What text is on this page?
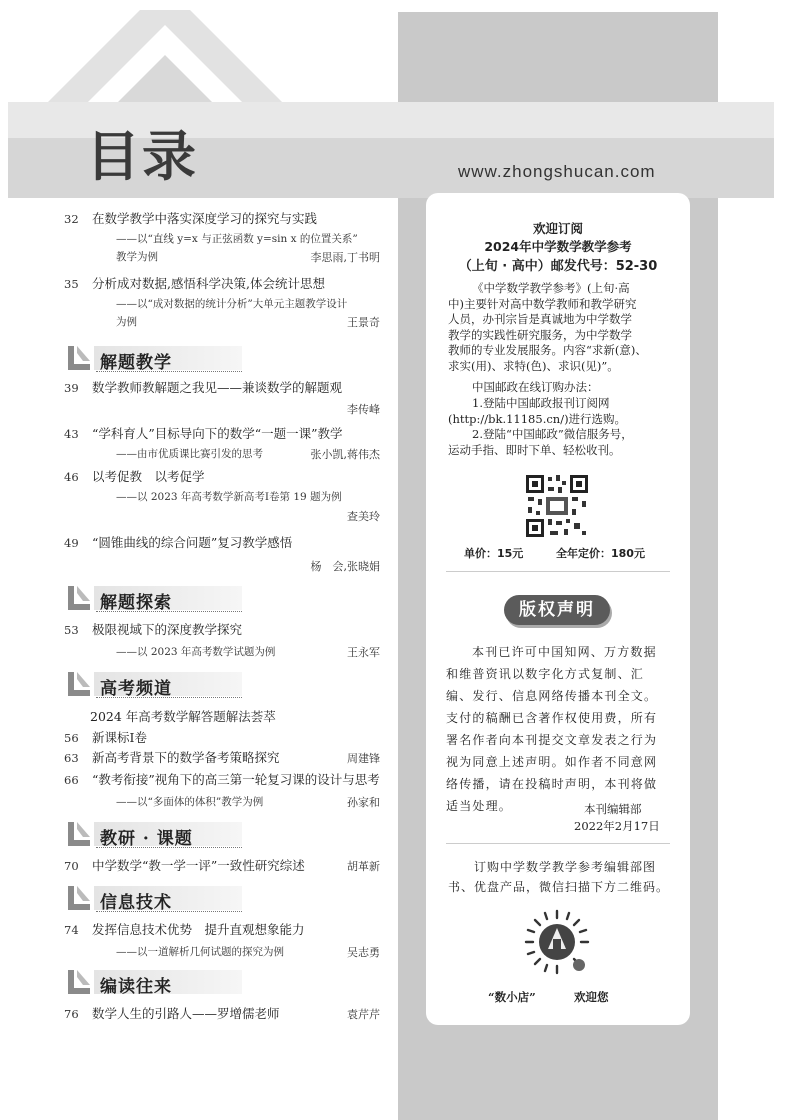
目录	www.zhongshucan.com
32	在数学教学中落实深度学习的探究与实践
——以“直线 y=x 与正弦函数 y=sin x 的位置关系”
教学为例	李思雨,丁书明
35	分析成对数据,感悟科学决策,体会统计思想
——以“成对数据的统计分析”大单元主题教学设计
为例	王景奇
解题教学
39	数学教师教解题之我见——兼谈数学的解题观
李传峰
43	“学科育人”目标导向下的数学“一题一课”教学
——由市优质课比赛引发的思考	张小凯,蒋伟杰
46	以考促教　以考促学
——以 2023 年高考数学新高考Ⅰ卷第 19 题为例
查美玲
49	“圆锥曲线的综合问题”复习教学感悟
杨　会,张晓娟
解题探索
53	极限视域下的深度教学探究
——以 2023 年高考数学试题为例	王永军
高考频道
2024 年高考数学解答题解法荟萃
56	新课标Ⅰ卷
63	新高考背景下的数学备考策略探究	周建锋
66	“教考衔接”视角下的高三第一轮复习课的设计与思考
——以“多面体的体积”教学为例	孙家和
教研 · 课题
70	中学数学“教一学一评”一致性研究综述	胡革新
信息技术
74	发挥信息技术优势　提升直观想象能力
——以一道解析几何试题的探究为例	吴志勇
编读往来
76	数学人生的引路人——罗增儒老师	袁芹芹
欢迎订阅
2024年中学数学教学参考
（上旬 · 高中）邮发代号：52-30
《中学数学教学参考》(上旬·高
中)主要针对高中数学教师和教学研究
人员，办刊宗旨是真诚地为中学数学
教学的实践性研究服务，为中学数学
教师的专业发展服务。内容“求新(意)、
求实(用)、求特(色)、求识(见)”。
中国邮政在线订购办法：
1.登陆中国邮政报刊订阅网
(http://bk.11185.cn/)进行选购。
2.登陆“中国邮政”微信服务号，
运动手指、即时下单、轻松收刊。
单价：15元	全年定价：180元
版权声明
本刊已许可中国知网、万方数据
和维普资讯以数字化方式复制、汇
编、发行、信息网络传播本刊全文。
支付的稿酬已含著作权使用费，所有
署名作者向本刊提交文章发表之行为
视为同意上述声明。如作者不同意网
络传播，请在投稿时声明，本刊将做
适当处理。	本刊编辑部
2022年2月17日
订购中学数学教学参考编辑部图
书、优盘产品，微信扫描下方二维码。
“数小店”	欢迎您
